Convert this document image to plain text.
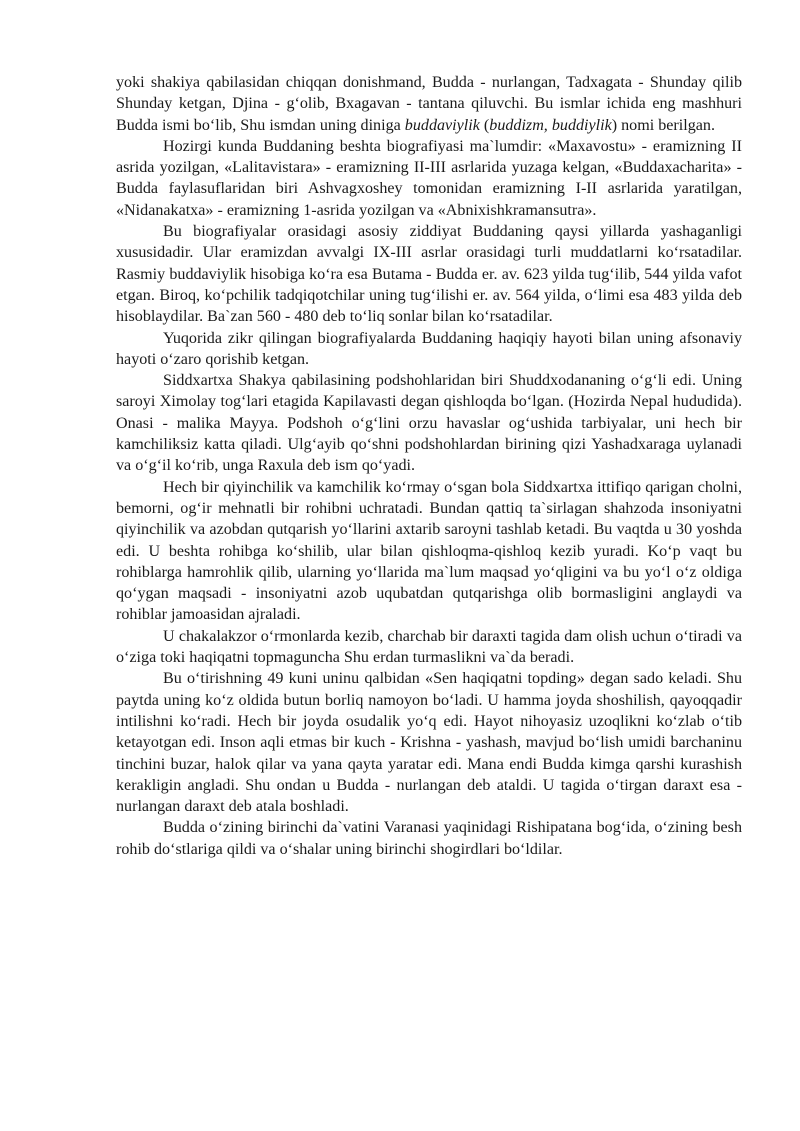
yoki shakiya qabilasidan chiqqan donishmand, Budda - nurlangan, Tadxagata - Shunday qilib Shunday ketgan, Djina - g‘olib, Bxagavan - tantana qiluvchi. Bu ismlar ichida eng mashhuri Budda ismi bo‘lib, Shu ismdan uning diniga buddaviylik (buddizm, buddiylik) nomi berilgan.

Hozirgi kunda Buddaning beshta biografiyasi ma`lumdir: «Maxavostu» - eramizning II asrida yozilgan, «Lalitavistara» - eramizning II-III asrlarida yuzaga kelgan, «Buddaxacharita» - Budda faylasuflaridan biri Ashvagxoshey tomonidan eramizning I-II asrlarida yaratilgan, «Nidanakatxa» - eramizning 1-asrida yozilgan va «Abnixishkramansutra».

Bu biografiyalar orasidagi asosiy ziddiyat Buddaning qaysi yillarda yashaganligi xususidadir. Ular eramizdan avvalgi IX-III asrlar orasidagi turli muddatlarni ko‘rsatadilar. Rasmiy buddaviylik hisobiga ko‘ra esa Butama - Budda er. av. 623 yilda tug‘ilib, 544 yilda vafot etgan. Biroq, ko‘pchilik tadqiqotchilar uning tug‘ilishi er. av. 564 yilda, o‘limi esa 483 yilda deb hisoblaydilar. Ba`zan 560 - 480 deb to‘liq sonlar bilan ko‘rsatadilar.

Yuqorida zikr qilingan biografiyalarda Buddaning haqiqiy hayoti bilan uning afsonaviy hayoti o‘zaro qorishib ketgan.

Siddxartxa Shakya qabilasining podshohlaridan biri Shuddxodananing o‘g‘li edi. Uning saroyi Ximolay tog‘lari etagida Kapilavasti degan qishloqda bo‘lgan. (Hozirda Nepal hududida). Onasi - malika Mayya. Podshoh o‘g‘lini orzu havaslar og‘ushida tarbiyalar, uni hech bir kamchiliksiz katta qiladi. Ulg‘ayib qo‘shni podshohlardan birining qizi Yashadxaraga uylanadi va o‘g‘il ko‘rib, unga Raxula deb ism qo‘yadi.

Hech bir qiyinchilik va kamchilik ko‘rmay o‘sgan bola Siddxartxa ittifiqo qarigan cholni, bemorni, og‘ir mehnatli bir rohibni uchratadi. Bundan qattiq ta`sirlagan shahzoda insoniyatni qiyinchilik va azobdan qutqarish yo‘llarini axtarib saroyni tashlab ketadi. Bu vaqtda u 30 yoshda edi. U beshta rohibga ko‘shilib, ular bilan qishloqma-qishloq kezib yuradi. Ko‘p vaqt bu rohiblarga hamrohlik qilib, ularning yo‘llarida ma`lum maqsad yo‘qligini va bu yo‘l o‘z oldiga qo‘ygan maqsadi - insoniyatni azob uqubatdan qutqarishga olib bormasligini anglaydi va rohiblar jamoasidan ajraladi.

U chakalakzor o‘rmonlarda kezib, charchab bir daraxti tagida dam olish uchun o‘tiradi va o‘ziga toki haqiqatni topmaguncha Shu erdan turmaslikni va`da beradi.

Bu o‘tirishning 49 kuni uninu qalbidan «Sen haqiqatni topding» degan sado keladi. Shu paytda uning ko‘z oldida butun borliq namoyon bo‘ladi. U hamma joyda shoshilish, qayoqqadir intilishni ko‘radi. Hech bir joyda osudalik yo‘q edi. Hayot nihoyasiz uzoqlikni ko‘zlab o‘tib ketayotgan edi. Inson aqli etmas bir kuch - Krishna - yashash, mavjud bo‘lish umidi barchaninu tinchini buzar, halok qilar va yana qayta yaratar edi. Mana endi Budda kimga qarshi kurashish kerakligin angladi. Shu ondan u Budda - nurlangan deb ataldi. U tagida o‘tirgan daraxt esa - nurlangan daraxt deb atala boshladi.

Budda o‘zining birinchi da`vatini Varanasi yaqinidagi Rishipatana bog‘ida, o‘zining besh rohib do‘stlariga qildi va o‘shalar uning birinchi shogirdlari bo‘ldilar.
